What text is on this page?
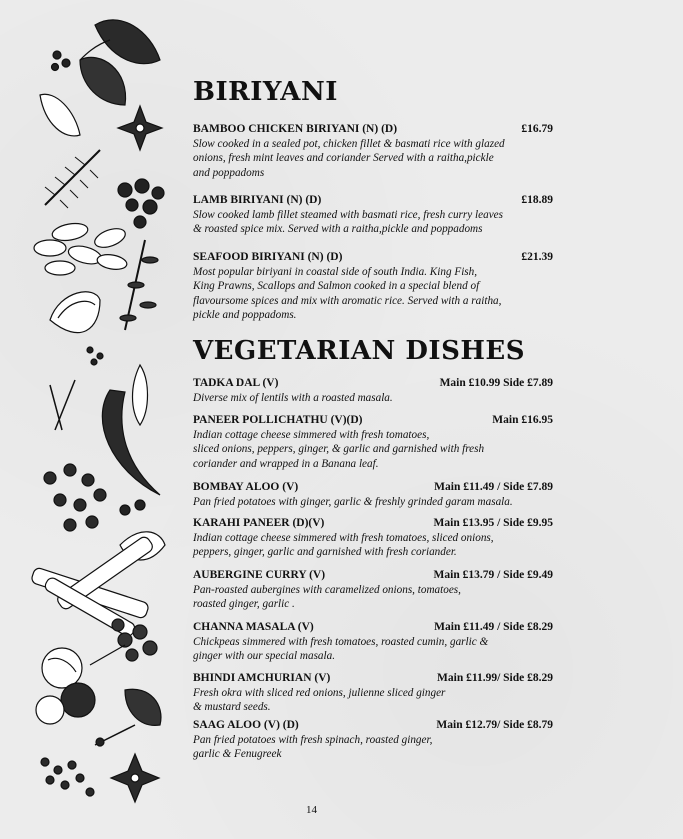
BIRIYANI
BAMBOO CHICKEN BIRIYANI (N) (D)	£16.79
Slow cooked in a sealed pot, chicken fillet & basmati rice with glazed
onions, fresh mint leaves and coriander Served with a raitha,pickle
and poppadoms
LAMB BIRIYANI (N) (D)	£18.89
Slow cooked lamb fillet steamed with basmati rice, fresh curry leaves
& roasted spice mix. Served with a raitha,pickle and poppadoms
SEAFOOD BIRIYANI (N) (D)	£21.39
Most popular biriyani in coastal side of south India. King Fish,
King Prawns, Scallops and Salmon cooked in a special blend of
flavoursome spices and mix with aromatic rice. Served with a raitha,
pickle and poppadoms.
VEGETARIAN DISHES
TADKA DAL (V)	Main £10.99 Side £7.89
Diverse mix of lentils with a roasted masala.
PANEER POLLICHATHU (V)(D)	Main £16.95
Indian cottage cheese simmered with fresh tomatoes,
sliced onions, peppers, ginger, & garlic and garnished with fresh
coriander and wrapped in a Banana leaf.
BOMBAY ALOO (V)	Main £11.49 / Side £7.89
Pan fried potatoes with ginger, garlic & freshly grinded garam masala.
KARAHI PANEER (D)(V)	Main £13.95 / Side £9.95
Indian cottage cheese simmered with fresh tomatoes, sliced onions,
peppers, ginger, garlic and garnished with fresh coriander.
AUBERGINE CURRY (V)	Main £13.79 / Side £9.49
Pan-roasted aubergines with caramelized onions, tomatoes,
roasted ginger, garlic .
CHANNA MASALA (V)	Main £11.49 / Side £8.29
Chickpeas simmered with fresh tomatoes, roasted cumin, garlic &
ginger with our special masala.
BHINDI AMCHURIAN (V)	Main £11.99/ Side £8.29
Fresh okra with sliced red onions, julienne sliced ginger
& mustard seeds.
SAAG ALOO (V) (D)	Main £12.79/ Side £8.79
Pan fried potatoes with fresh spinach, roasted ginger,
garlic & Fenugreek
14
